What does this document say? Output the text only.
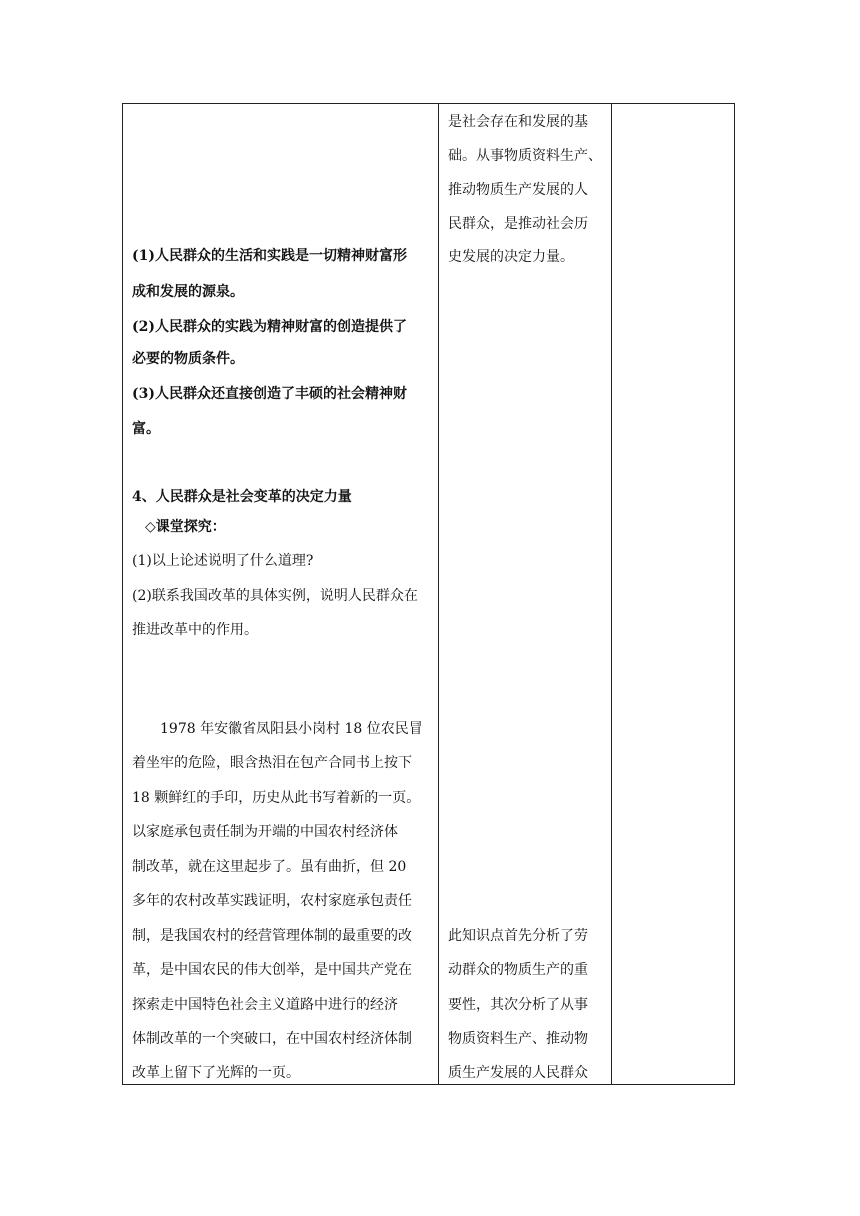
(1)人民群众的生活和实践是一切精神财富形
成和发展的源泉。
(2)人民群众的实践为精神财富的创造提供了
必要的物质条件。
(3)人民群众还直接创造了丰硕的社会精神财
富。
4、人民群众是社会变革的决定力量
◇课堂探究：
(1)以上论述说明了什么道理?
(2)联系我国改革的具体实例，说明人民群众在
推进改革中的作用。
1978 年安徽省凤阳县小岗村 18 位农民冒
着坐牢的危险，眼含热泪在包产合同书上按下
18 颗鲜红的手印，历史从此书写着新的一页。
以家庭承包责任制为开端的中国农村经济体
制改革，就在这里起步了。虽有曲折，但 20
多年的农村改革实践证明，农村家庭承包责任
制，是我国农村的经营管理体制的最重要的改
革，是中国农民的伟大创举，是中国共产党在
探索走中国特色社会主义道路中进行的经济
体制改革的一个突破口，在中国农村经济体制
改革上留下了光辉的一页。
是社会存在和发展的基
础。从事物质资料生产、
推动物质生产发展的人
民群众，是推动社会历
史发展的决定力量。
此知识点首先分析了劳
动群众的物质生产的重
要性，其次分析了从事
物质资料生产、推动物
质生产发展的人民群众
